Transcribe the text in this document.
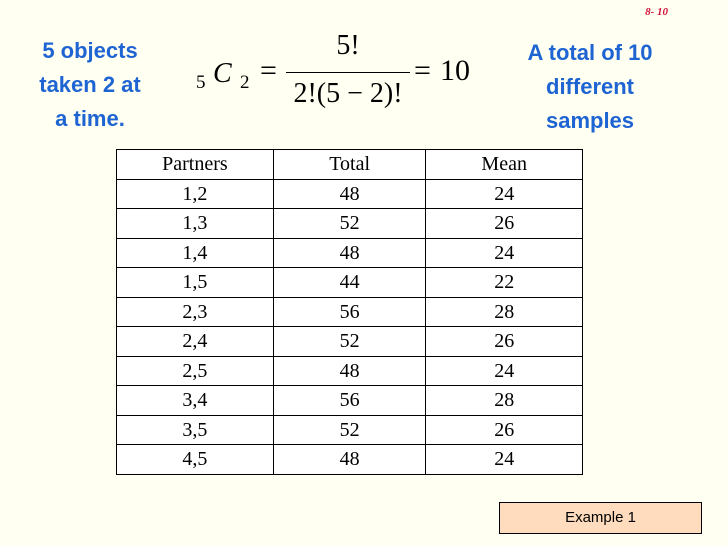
8- 10
5 objects
taken 2 at
a time.
5 C 2 =
5!
2!(5 − 2)!
= 10
A total of 10
different
samples
Partners	Total	Mean
1,2	48	24
1,3	52	26
1,4	48	24
1,5	44	22
2,3	56	28
2,4	52	26
2,5	48	24
3,4	56	28
3,5	52	26
4,5	48	24
Example 1
